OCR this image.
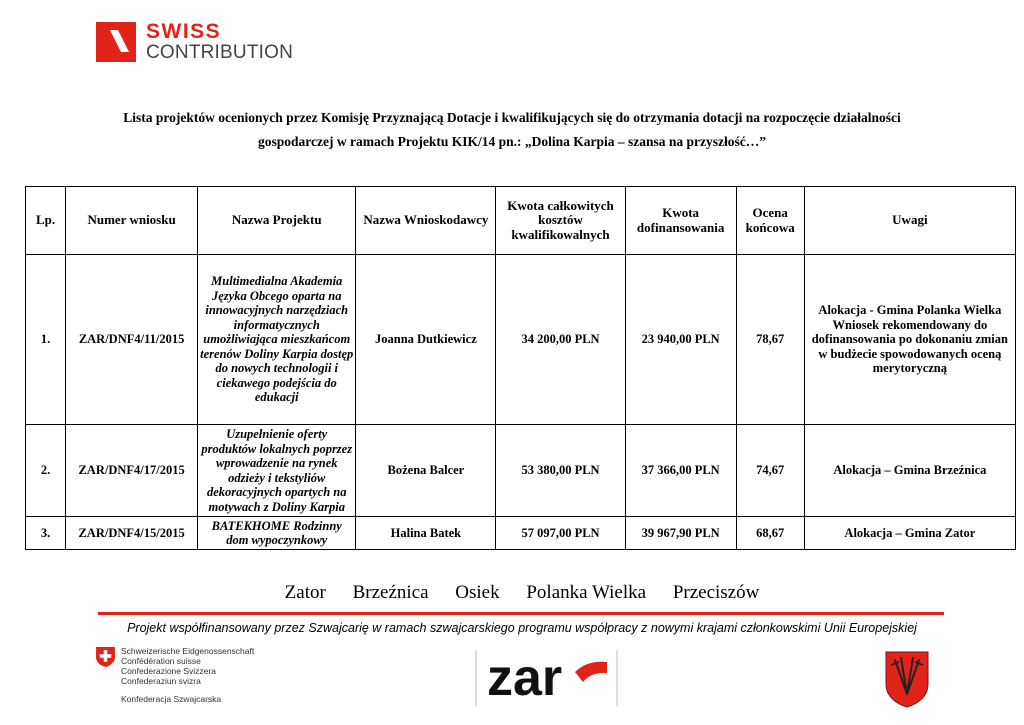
SWISS
CONTRIBUTION
Lista projektów ocenionych przez Komisję Przyznającą Dotacje i kwalifikujących się do otrzymania dotacji na rozpoczęcie działalności
gospodarczej w ramach Projektu KIK/14 pn.: „Dolina Karpia – szansa na przyszłość…”
Lp.	Numer wniosku	Nazwa Projektu	Nazwa Wnioskodawcy	Kwota całkowitych kosztów kwalifikowalnych	Kwota dofinansowania	Ocena końcowa	Uwagi
1.	ZAR/DNF4/11/2015	Multimedialna Akademia Języka Obcego oparta na innowacyjnych narzędziach informatycznych umożliwiająca mieszkańcom terenów Doliny Karpia dostęp do nowych technologii i ciekawego podejścia do edukacji	Joanna Dutkiewicz	34 200,00 PLN	23 940,00 PLN	78,67	Alokacja - Gmina Polanka Wielka Wniosek rekomendowany do dofinansowania po dokonaniu zmian w budżecie spowodowanych oceną merytoryczną
2.	ZAR/DNF4/17/2015	Uzupełnienie oferty produktów lokalnych poprzez wprowadzenie na rynek odzieży i tekstyliów dekoracyjnych opartych na motywach z Doliny Karpia	Bożena Balcer	53 380,00 PLN	37 366,00 PLN	74,67	Alokacja – Gmina Brzeźnica
3.	ZAR/DNF4/15/2015	BATEKHOME Rodzinny dom wypoczynkowy	Halina Batek	57 097,00 PLN	39 967,90 PLN	68,67	Alokacja – Gmina Zator
Zator Brzeźnica Osiek Polanka Wielka Przeciszów
Projekt współfinansowany przez Szwajcarię w ramach szwajcarskiego programu współpracy z nowymi krajami członkowskimi Unii Europejskiej
Schweizerische Eidgenossenschaft
Confédération suisse
Confederazione Svizzera
Confederaziun svizra
Konfederacja Szwajcarska	zar
